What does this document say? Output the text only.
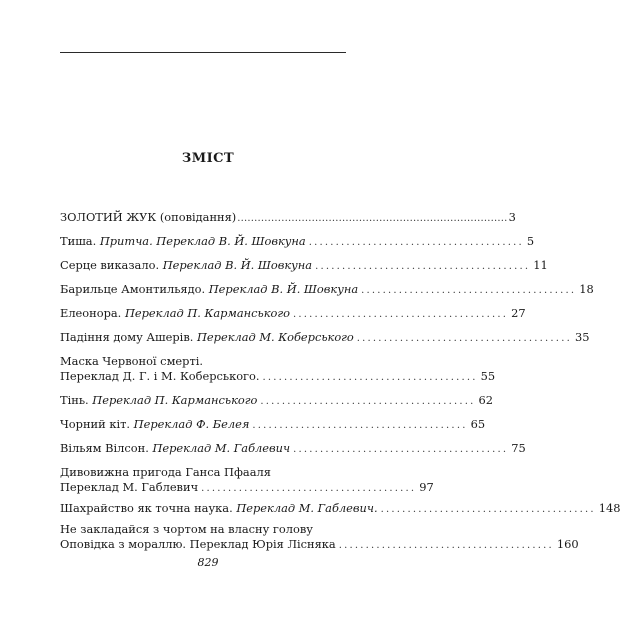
ЗМІСТ
ЗОЛОТИЙ ЖУК (оповідання) ................................................................................ 3
Тиша. Притча. Переклад В. Й. Шовкуна ........................................ 5
Серце виказало. Переклад В. Й. Шовкуна ........................................ 11
Барильце Амонтильядо. Переклад В. Й. Шовкуна ........................................ 18
Елеонора. Переклад П. Карманського ........................................ 27
Падіння дому Ашерів. Переклад М. Коберського ........................................ 35
Маска Червоної смерті.
Переклад Д. Г. і М. Коберського. ........................................ 55
Тінь. Переклад П. Карманського ........................................ 62
Чорний кіт. Переклад Ф. Белея ........................................ 65
Вільям Вілсон. Переклад М. Габлевич ........................................ 75
Дивовижна пригода Ганса Пфааля
Переклад М. Габлевич ........................................ 97
Шахрайство як точна наука. Переклад М. Габлевич. ........................................ 148
Не закладайся з чортом на власну голову
Оповідка з мораллю. Переклад Юрія Лісняка ........................................ 160
829
